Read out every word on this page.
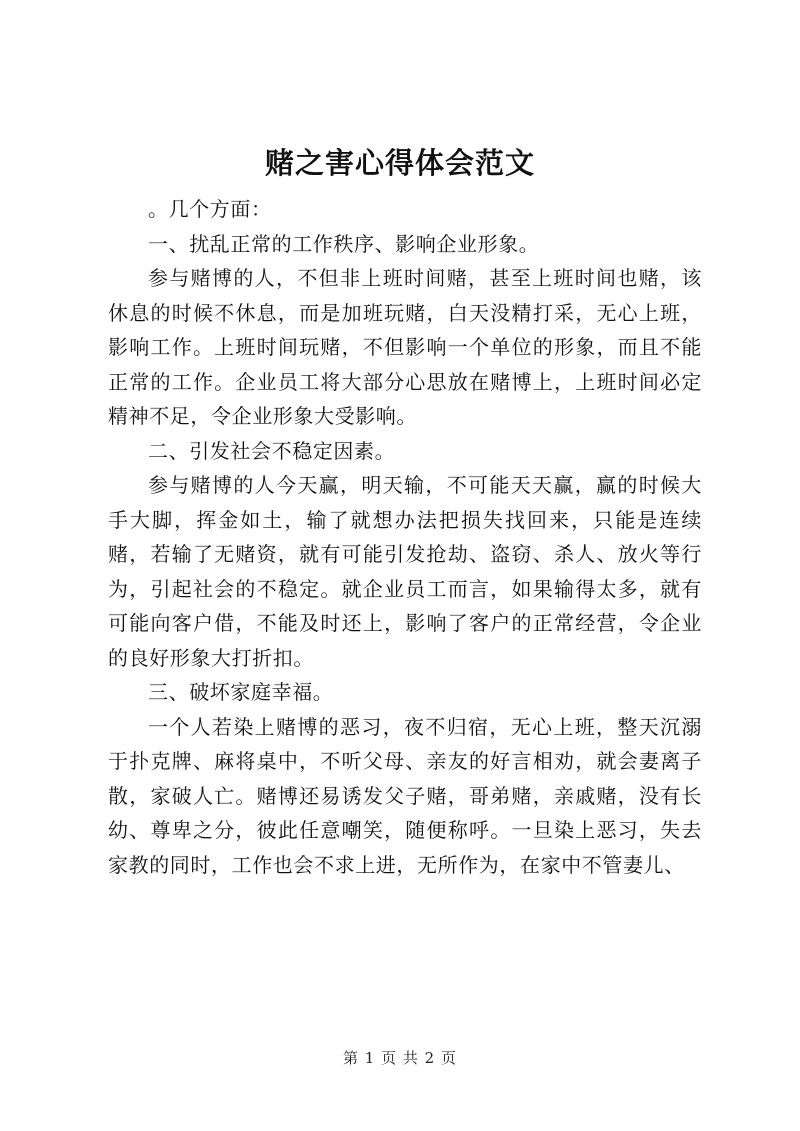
赌之害心得体会范文

。几个方面：

一、扰乱正常的工作秩序、影响企业形象。

参与赌博的人，不但非上班时间赌，甚至上班时间也赌，该休息的时候不休息，而是加班玩赌，白天没精打采，无心上班，影响工作。上班时间玩赌，不但影响一个单位的形象，而且不能正常的工作。企业员工将大部分心思放在赌博上，上班时间必定精神不足，令企业形象大受影响。

二、引发社会不稳定因素。

参与赌博的人今天赢，明天输，不可能天天赢，赢的时候大手大脚，挥金如土，输了就想办法把损失找回来，只能是连续赌，若输了无赌资，就有可能引发抢劫、盗窃、杀人、放火等行为，引起社会的不稳定。就企业员工而言，如果输得太多，就有可能向客户借，不能及时还上，影响了客户的正常经营，令企业的良好形象大打折扣。

三、破坏家庭幸福。

一个人若染上赌博的恶习，夜不归宿，无心上班，整天沉溺于扑克牌、麻将桌中，不听父母、亲友的好言相劝，就会妻离子散，家破人亡。赌博还易诱发父子赌，哥弟赌，亲戚赌，没有长幼、尊卑之分，彼此任意嘲笑，随便称呼。一旦染上恶习，失去家教的同时，工作也会不求上进，无所作为，在家中不管妻儿、

第 1 页 共 2 页
